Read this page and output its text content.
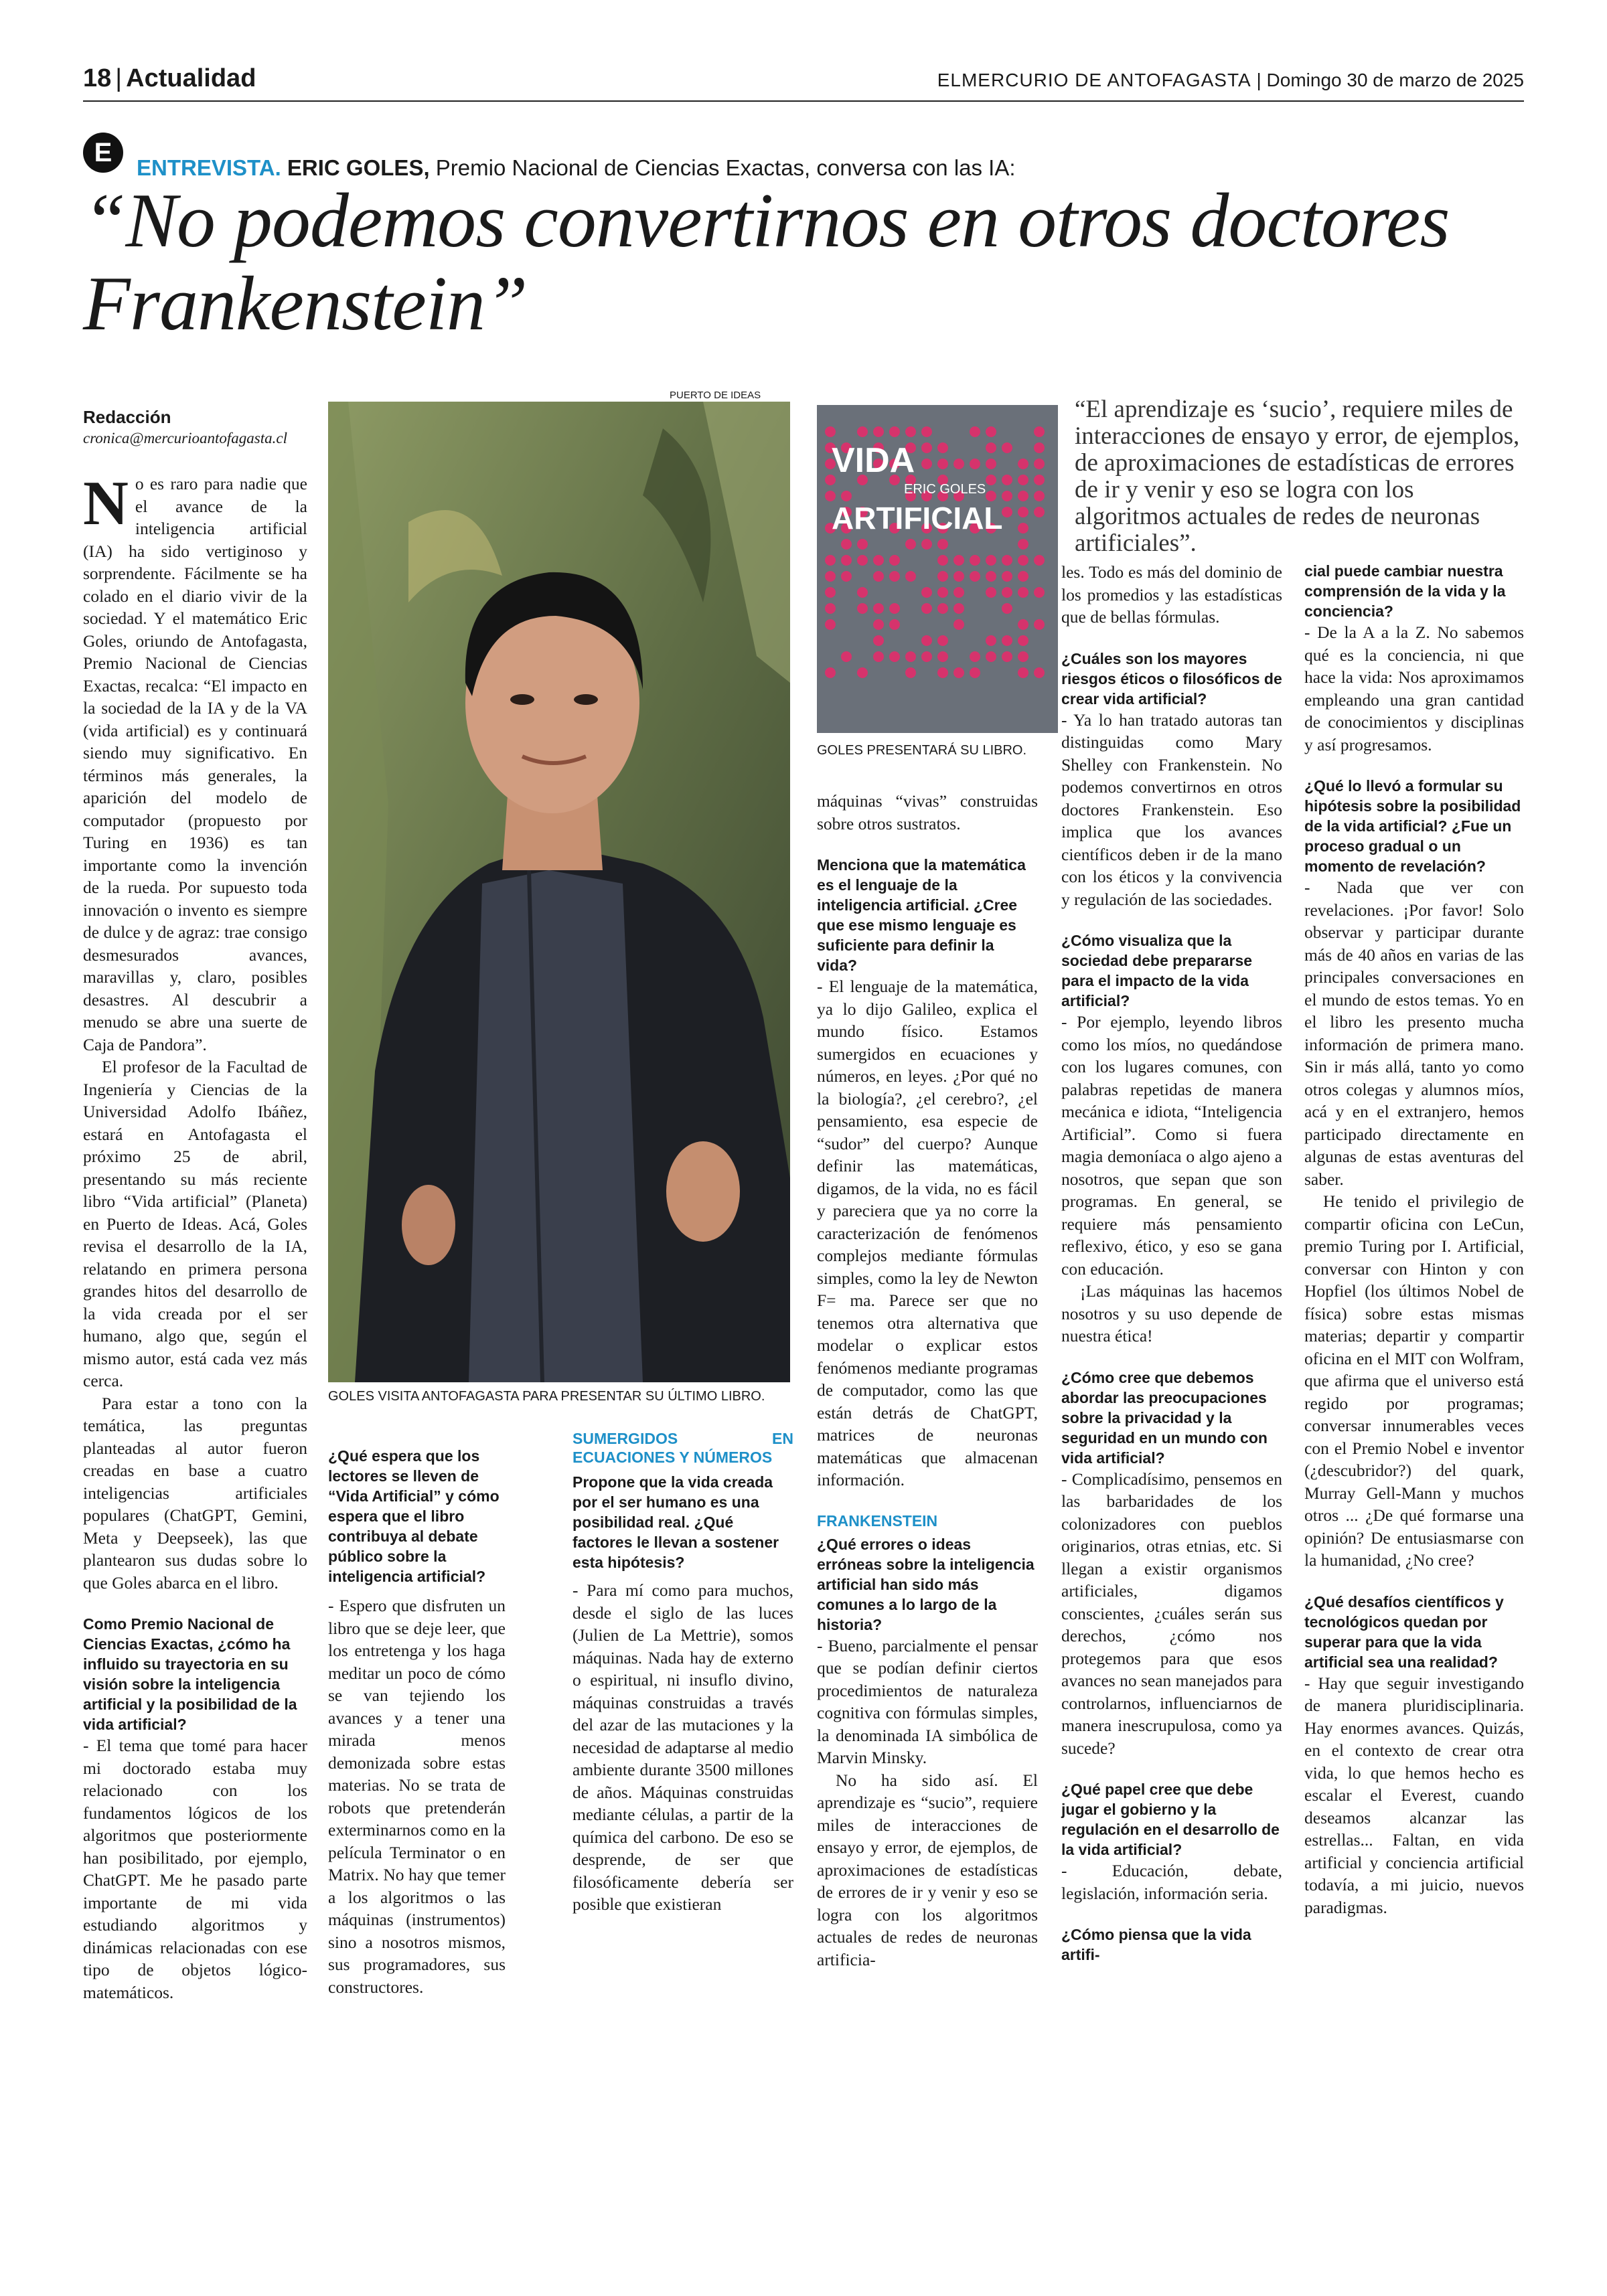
18 | Actualidad	ELMERCURIO DE ANTOFAGASTA | Domingo 30 de marzo de 2025
E
ENTREVISTA. ERIC GOLES, Premio Nacional de Ciencias Exactas, conversa con las IA:
“No podemos convertirnos en otros doctores Frankenstein”
Redacción
cronica@mercurioantofagasta.cl
PUERTO DE IDEAS
GOLES VISITA ANTOFAGASTA PARA PRESENTAR SU ÚLTIMO LIBRO.
VIDA
ERIC GOLES
ARTIFICIAL
GOLES PRESENTARÁ SU LIBRO.
“El aprendizaje es ‘sucio’, requiere miles de interacciones de ensayo y error, de ejemplos, de aproximaciones de estadísticas de errores de ir y venir y eso se logra con los algoritmos actuales de redes de neuronas artificiales”.

No es raro para nadie que el avance de la inteligencia artificial (IA) ha sido vertiginoso y sorprendente. Fácilmente se ha colado en el diario vivir de la sociedad. Y el matemático Eric Goles, oriundo de Antofagasta, Premio Nacional de Ciencias Exactas, recalca: “El impacto en la sociedad de la IA y de la VA (vida artificial) es y continuará siendo muy significativo. En términos más generales, la aparición del modelo de computador (propuesto por Turing en 1936) es tan importante como la invención de la rueda. Por supuesto toda innovación o invento es siempre de dulce y de agraz: trae consigo desmesurados avances, maravillas y, claro, posibles desastres. Al descubrir a menudo se abre una suerte de Caja de Pandora”.

El profesor de la Facultad de Ingeniería y Ciencias de la Universidad Adolfo Ibáñez, estará en Antofagasta el próximo 25 de abril, presentando su más reciente libro “Vida artificial” (Planeta) en Puerto de Ideas. Acá, Goles revisa el desarrollo de la IA, relatando en primera persona grandes hitos del desarrollo de la vida creada por el ser humano, algo que, según el mismo autor, está cada vez más cerca.

Para estar a tono con la temática, las preguntas planteadas al autor fueron creadas en base a cuatro inteligencias artificiales populares (ChatGPT, Gemini, Meta y Deepseek), las que plantearon sus dudas sobre lo que Goles abarca en el libro.

Como Premio Nacional de Ciencias Exactas, ¿cómo ha influido su trayectoria en su visión sobre la inteligencia artificial y la posibilidad de la vida artificial?

- El tema que tomé para hacer mi doctorado estaba muy relacionado con los fundamentos lógicos de los algoritmos que posteriormente han posibilitado, por ejemplo, ChatGPT. Me he pasado parte importante de mi vida estudiando algoritmos y dinámicas relacionadas con ese tipo de objetos lógico-matemáticos.

¿Qué espera que los lectores se lleven de “Vida Artificial” y cómo espera que el libro contribuya al debate público sobre la inteligencia artificial?

- Espero que disfruten un libro que se deje leer, que los entretenga y los haga meditar un poco de cómo se van tejiendo los avances y a tener una mirada menos demonizada sobre estas materias. No se trata de robots que pretenderán exterminarnos como en la película Terminator o en Matrix. No hay que temer a los algoritmos o las máquinas (instrumentos) sino a nosotros mismos, sus programadores, sus constructores.

SUMERGIDOS EN ECUACIONES Y NÚMEROS

Propone que la vida creada por el ser humano es una posibilidad real. ¿Qué factores le llevan a sostener esta hipótesis?

- Para mí como para muchos, desde el siglo de las luces (Julien de La Mettrie), somos máquinas. Nada hay de externo o espiritual, ni insuflo divino, máquinas construidas a través del azar de las mutaciones y la necesidad de adaptarse al medio ambiente durante 3500 millones de años. Máquinas construidas mediante células, a partir de la química del carbono. De eso se desprende, de ser que filosóficamente debería ser posible que existieran

máquinas “vivas” construidas sobre otros sustratos.

Menciona que la matemática es el lenguaje de la inteligencia artificial. ¿Cree que ese mismo lenguaje es suficiente para definir la vida?

- El lenguaje de la matemática, ya lo dijo Galileo, explica el mundo físico. Estamos sumergidos en ecuaciones y números, en leyes. ¿Por qué no la biología?, ¿el cerebro?, ¿el pensamiento, esa especie de “sudor” del cuerpo? Aunque definir las matemáticas, digamos, de la vida, no es fácil y pareciera que ya no corre la caracterización de fenómenos complejos mediante fórmulas simples, como la ley de Newton F= ma. Parece ser que no tenemos otra alternativa que modelar o explicar estos fenómenos mediante programas de computador, como las que están detrás de ChatGPT, matrices de neuronas matemáticas que almacenan información.

FRANKENSTEIN

¿Qué errores o ideas erróneas sobre la inteligencia artificial han sido más comunes a lo largo de la historia?

- Bueno, parcialmente el pensar que se podían definir ciertos procedimientos de naturaleza cognitiva con fórmulas simples, la denominada IA simbólica de Marvin Minsky.

No ha sido así. El aprendizaje es “sucio”, requiere miles de interacciones de ensayo y error, de ejemplos, de aproximaciones de estadísticas de errores de ir y venir y eso se logra con los algoritmos actuales de redes de neuronas artificia-

les. Todo es más del dominio de los promedios y las estadísticas que de bellas fórmulas.

¿Cuáles son los mayores riesgos éticos o filosóficos de crear vida artificial?

- Ya lo han tratado autoras tan distinguidas como Mary Shelley con Frankenstein. No podemos convertirnos en otros doctores Frankenstein. Eso implica que los avances científicos deben ir de la mano con los éticos y la convivencia y regulación de las sociedades.

¿Cómo visualiza que la sociedad debe prepararse para el impacto de la vida artificial?

- Por ejemplo, leyendo libros como los míos, no quedándose con los lugares comunes, con palabras repetidas de manera mecánica e idiota, “Inteligencia Artificial”. Como si fuera magia demoníaca o algo ajeno a nosotros, que sepan que son programas. En general, se requiere más pensamiento reflexivo, ético, y eso se gana con educación.

¡Las máquinas las hacemos nosotros y su uso depende de nuestra ética!

¿Cómo cree que debemos abordar las preocupaciones sobre la privacidad y la seguridad en un mundo con vida artificial?

- Complicadísimo, pensemos en las barbaridades de los colonizadores con pueblos originarios, otras etnias, etc. Si llegan a existir organismos artificiales, digamos conscientes, ¿cuáles serán sus derechos, ¿cómo nos protegemos para que esos avances no sean manejados para controlarnos, influenciarnos de manera inescrupulosa, como ya sucede?

¿Qué papel cree que debe jugar el gobierno y la regulación en el desarrollo de la vida artificial?

- Educación, debate, legislación, información seria.

¿Cómo piensa que la vida artifi-

cial puede cambiar nuestra comprensión de la vida y la conciencia?

- De la A a la Z. No sabemos qué es la conciencia, ni que hace la vida: Nos aproximamos empleando una gran cantidad de conocimientos y disciplinas y así progresamos.

¿Qué lo llevó a formular su hipótesis sobre la posibilidad de la vida artificial? ¿Fue un proceso gradual o un momento de revelación?

- Nada que ver con revelaciones. ¡Por favor! Solo observar y participar durante más de 40 años en varias de las principales conversaciones en el mundo de estos temas. Yo en el libro les presento mucha información de primera mano. Sin ir más allá, tanto yo como otros colegas y alumnos míos, acá y en el extranjero, hemos participado directamente en algunas de estas aventuras del saber.

He tenido el privilegio de compartir oficina con LeCun, premio Turing por I. Artificial, conversar con Hinton y con Hopfiel (los últimos Nobel de física) sobre estas mismas materias; departir y compartir oficina en el MIT con Wolfram, que afirma que el universo está regido por programas; conversar innumerables veces con el Premio Nobel e inventor (¿descubridor?) del quark, Murray Gell-Mann y muchos otros ... ¿De qué formarse una opinión? De entusiasmarse con la humanidad, ¿No cree?

¿Qué desafíos científicos y tecnológicos quedan por superar para que la vida artificial sea una realidad?

- Hay que seguir investigando de manera pluridisciplinaria. Hay enormes avances. Quizás, en el contexto de crear otra vida, lo que hemos hecho es escalar el Everest, cuando deseamos alcanzar las estrellas... Faltan, en vida artificial y conciencia artificial todavía, a mi juicio, nuevos paradigmas.
